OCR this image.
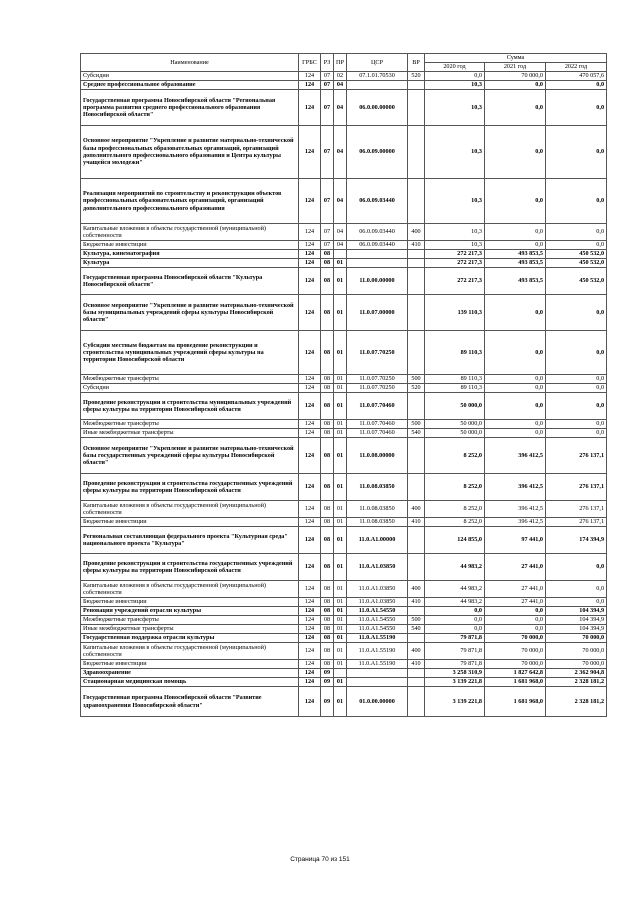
Наименование	ГРБС	РЗ	ПР	ЦСР	ВР	Сумма		
						2020 год	2021 год	2022 год
Субсидии	124	07	02	07.1.01.70530	520	0,0	70 000,0	470 057,6
Среднее профессиональное образование	124	07	04			10,3	0,0	0,0
Государственная программа Новосибирской области "Региональная программа развития среднего профессионального образования Новосибирской области"	124	07	04	06.0.00.00000		10,3	0,0	0,0
Основное мероприятие "Укрепление и развитие материально-технической базы профессиональных образовательных организаций, организаций дополнительного профессионального образования и Центра культуры учащейся молодежи"	124	07	04	06.0.09.00000		10,3	0,0	0,0
Реализация мероприятий по строительству и реконструкции объектов профессиональных образовательных организаций, организаций дополнительного профессионального образования	124	07	04	06.0.09.03440		10,3	0,0	0,0
Капитальные вложения в объекты государственной (муниципальной) собственности	124	07	04	06.0.09.03440	400	10,3	0,0	0,0
Бюджетные инвестиции	124	07	04	06.0.09.03440	410	10,3	0,0	0,0
Культура, кинематография	124	08				272 217,3	493 853,5	450 532,0
Культура	124	08	01			272 217,3	493 853,5	450 532,0
Государственная программа Новосибирской области "Культура Новосибирской области"	124	08	01	11.0.00.00000		272 217,3	493 853,5	450 532,0
Основное мероприятие "Укрепление и развитие материально-технической базы муниципальных учреждений сферы культуры Новосибирской области"	124	08	01	11.0.07.00000		139 110,3	0,0	0,0
Субсидии местным бюджетам на проведение реконструкции и строительства муниципальных учреждений сферы культуры на территории Новосибирской области	124	08	01	11.0.07.70250		89 110,3	0,0	0,0
Межбюджетные трансферты	124	08	01	11.0.07.70250	500	89 110,3	0,0	0,0
Субсидии	124	08	01	11.0.07.70250	520	89 110,3	0,0	0,0
Проведение реконструкции и строительства муниципальных учреждений сферы культуры на территории Новосибирской области	124	08	01	11.0.07.70460		50 000,0	0,0	0,0
Межбюджетные трансферты	124	08	01	11.0.07.70460	500	50 000,0	0,0	0,0
Иные межбюджетные трансферты	124	08	01	11.0.07.70460	540	50 000,0	0,0	0,0
Основное мероприятие "Укрепление и развитие материально-технической базы государственных учреждений сферы культуры Новосибирской области"	124	08	01	11.0.08.00000		8 252,0	396 412,5	276 137,1
Проведение реконструкции и строительства государственных учреждений сферы культуры на территории Новосибирской области	124	08	01	11.0.08.03850		8 252,0	396 412,5	276 137,1
Капитальные вложения в объекты государственной (муниципальной) собственности	124	08	01	11.0.08.03850	400	8 252,0	396 412,5	276 137,1
Бюджетные инвестиции	124	08	01	11.0.08.03850	410	8 252,0	396 412,5	276 137,1
Региональная составляющая федерального проекта "Культурная среда" национального проекта "Культура"	124	08	01	11.0.A1.00000		124 855,0	97 441,0	174 394,9
Проведение реконструкции и строительства государственных учреждений сферы культуры на территории Новосибирской области	124	08	01	11.0.A1.03850		44 983,2	27 441,0	0,0
Капитальные вложения в объекты государственной (муниципальной) собственности	124	08	01	11.0.A1.03850	400	44 983,2	27 441,0	0,0
Бюджетные инвестиции	124	08	01	11.0.A1.03850	410	44 983,2	27 441,0	0,0
Реновация учреждений отрасли культуры	124	08	01	11.0.A1.54550		0,0	0,0	104 394,9
Межбюджетные трансферты	124	08	01	11.0.A1.54550	500	0,0	0,0	104 394,9
Иные межбюджетные трансферты	124	08	01	11.0.A1.54550	540	0,0	0,0	104 394,9
Государственная поддержка отрасли культуры	124	08	01	11.0.A1.55190		79 871,8	70 000,0	70 000,0
Капитальные вложения в объекты государственной (муниципальной) собственности	124	08	01	11.0.A1.55190	400	79 871,8	70 000,0	70 000,0
Бюджетные инвестиции	124	08	01	11.0.A1.55190	410	79 871,8	70 000,0	70 000,0
Здравоохранение	124	09				3 258 310,9	1 827 642,8	2 362 904,8
Стационарная медицинская помощь	124	09	01			3 139 221,8	1 681 968,0	2 328 181,2
Государственная программа Новосибирской области "Развитие здравоохранения Новосибирской области"	124	09	01	01.0.00.00000		3 139 221,8	1 681 968,0	2 328 181,2
Страница 70 из 151
